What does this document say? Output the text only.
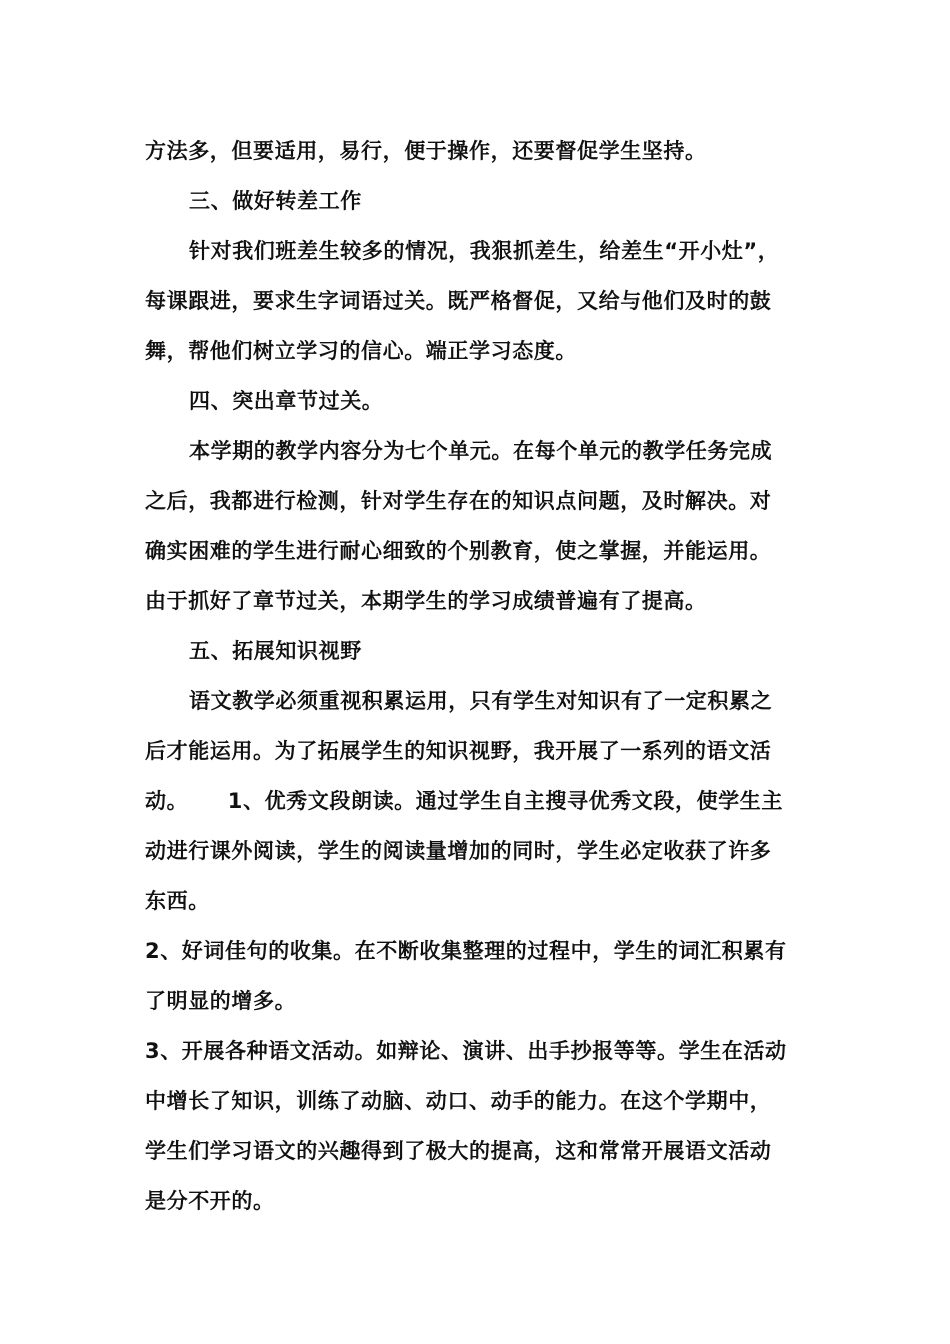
方法多，但要适用，易行，便于操作，还要督促学生坚持。
三、做好转差工作
针对我们班差生较多的情况，我狠抓差生，给差生“开小灶”，
每课跟进，要求生字词语过关。既严格督促，又给与他们及时的鼓
舞，帮他们树立学习的信心。端正学习态度。
四、突出章节过关。
本学期的教学内容分为七个单元。在每个单元的教学任务完成
之后，我都进行检测，针对学生存在的知识点问题，及时解决。对
确实困难的学生进行耐心细致的个别教育，使之掌握，并能运用。
由于抓好了章节过关，本期学生的学习成绩普遍有了提高。
五、拓展知识视野
语文教学必须重视积累运用，只有学生对知识有了一定积累之
后才能运用。为了拓展学生的知识视野，我开展了一系列的语文活
动。     1、优秀文段朗读。通过学生自主搜寻优秀文段，使学生主
动进行课外阅读，学生的阅读量增加的同时，学生必定收获了许多
东西。
2、好词佳句的收集。在不断收集整理的过程中，学生的词汇积累有
了明显的增多。
3、开展各种语文活动。如辩论、演讲、出手抄报等等。学生在活动
中增长了知识，训练了动脑、动口、动手的能力。在这个学期中，
学生们学习语文的兴趣得到了极大的提高，这和常常开展语文活动
是分不开的。
